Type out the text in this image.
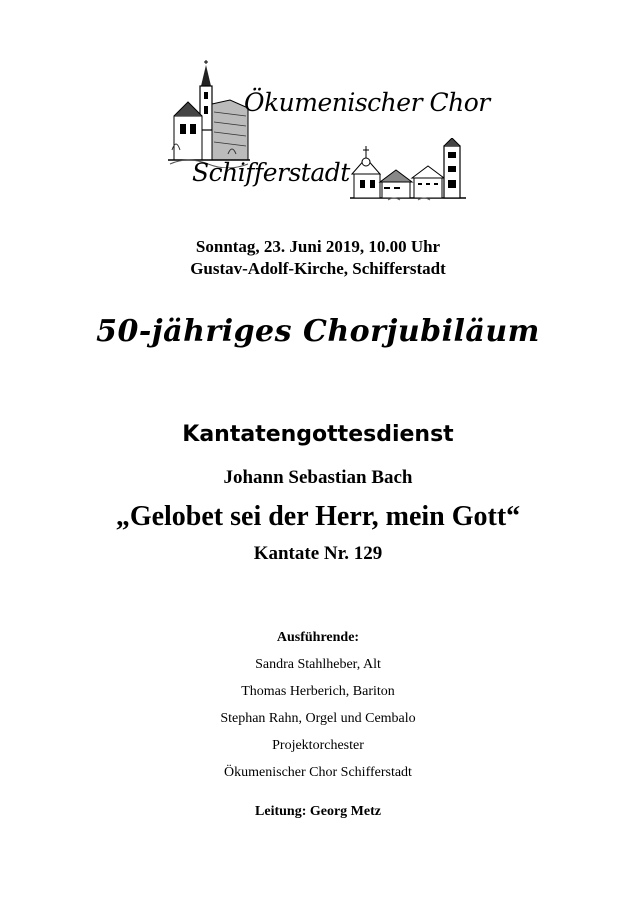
Ökumenischer Chor
Schifferstadt
Sonntag, 23. Juni 2019, 10.00 Uhr
Gustav-Adolf-Kirche, Schifferstadt
50-jähriges Chorjubiläum
Kantatengottesdienst
Johann Sebastian Bach
„Gelobet sei der Herr, mein Gott“
Kantate Nr. 129
Ausführende:
Sandra Stahlheber, Alt
Thomas Herberich, Bariton
Stephan Rahn, Orgel und Cembalo
Projektorchester
Ökumenischer Chor Schifferstadt
Leitung: Georg Metz
